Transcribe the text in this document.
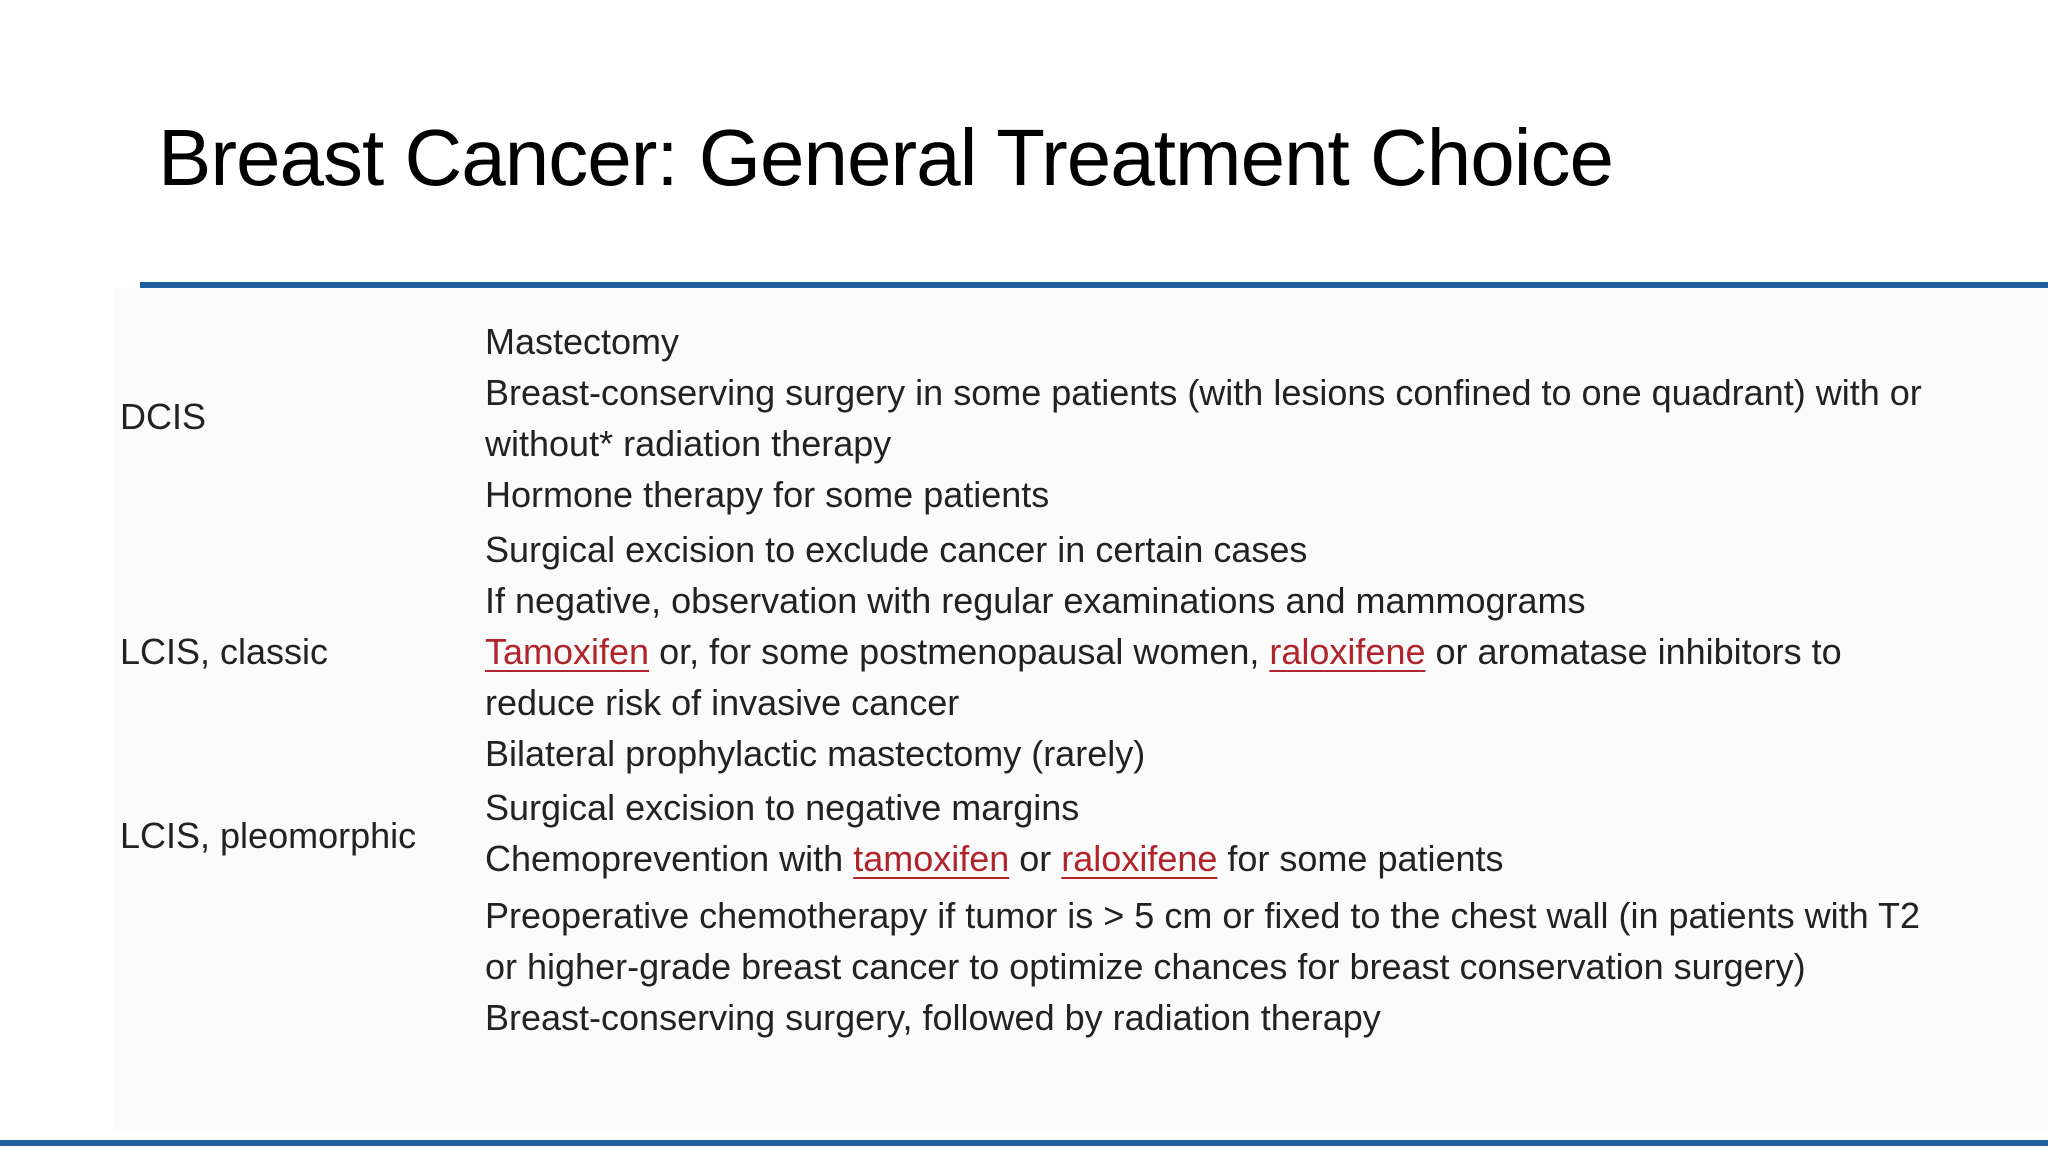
Breast Cancer: General Treatment Choice
DCIS
Mastectomy
Breast-conserving surgery in some patients (with lesions confined to one quadrant) with or
without* radiation therapy
Hormone therapy for some patients
LCIS, classic
Surgical excision to exclude cancer in certain cases
If negative, observation with regular examinations and mammograms
Tamoxifen or, for some postmenopausal women, raloxifene or aromatase inhibitors to
reduce risk of invasive cancer
Bilateral prophylactic mastectomy (rarely)
LCIS, pleomorphic
Surgical excision to negative margins
Chemoprevention with tamoxifen or raloxifene for some patients
Preoperative chemotherapy if tumor is > 5 cm or fixed to the chest wall (in patients with T2
or higher-grade breast cancer to optimize chances for breast conservation surgery)
Breast-conserving surgery, followed by radiation therapy
